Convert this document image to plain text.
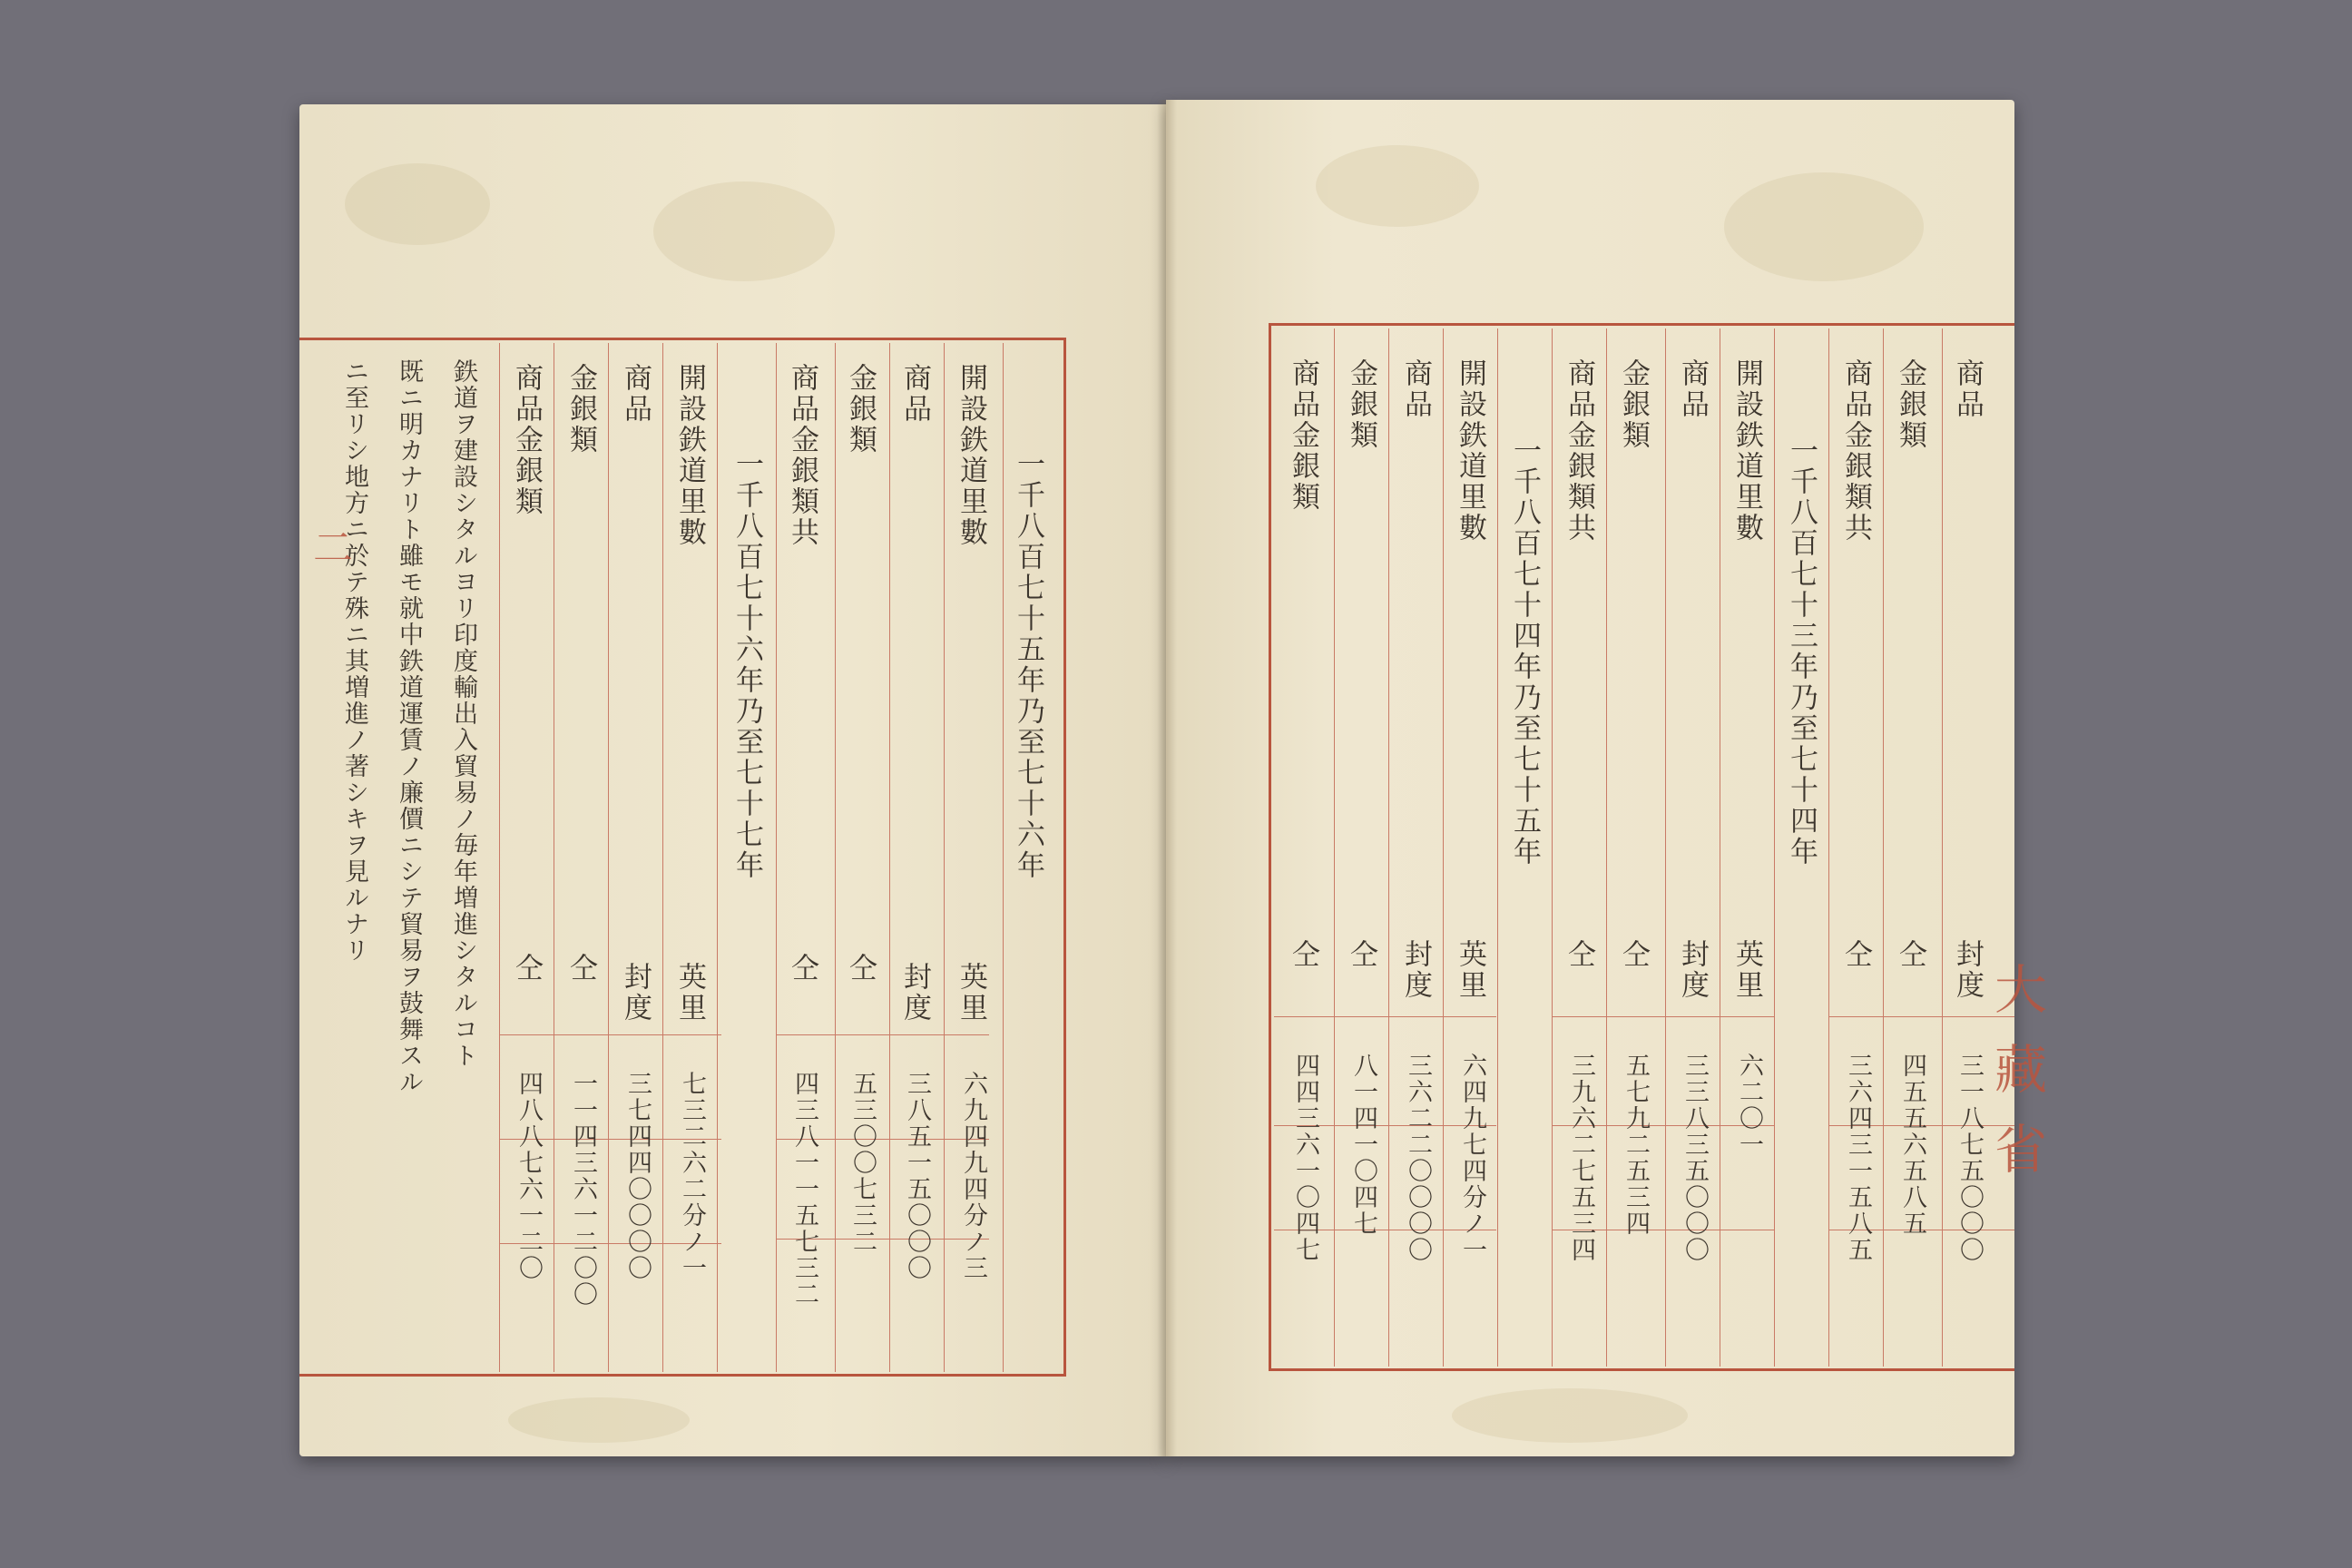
一千八百七十五年乃至七十六年
開設鉄道里數
商品
金銀類
商品金銀類共
一千八百七十六年乃至七十七年
開設鉄道里數
商品
金銀類
商品金銀類
英里
封度
仝
仝
英里
封度
仝
仝
六九四九四分ノ三
三八五一五〇〇〇
五三〇〇七三二
四三八一一五七三二
七三二六二分ノ一
三七四四〇〇〇〇
一一四三六一二〇〇
四八八七六一二〇
鉄道ヲ建設シタルヨリ印度輸出入貿易ノ毎年増進シタルコト
既ニ明カナリト雖モ就中鉄道運賃ノ廉價ニシテ貿易ヲ鼓舞スル
ニ至リシ地方ニ於テ殊ニ其増進ノ著シキヲ見ルナリ
二
商品
金銀類
商品金銀類共
一千八百七十三年乃至七十四年
開設鉄道里數
商品
金銀類
商品金銀類共
一千八百七十四年乃至七十五年
開設鉄道里數
商品
金銀類
商品金銀類
封度
仝
仝
英里
封度
仝
仝
英里
封度
仝
仝
三一八七五〇〇〇
四五五六五八五
三六四三一五八五
六二〇一
三三八三五〇〇〇
五七九二五三四
三九六二七五三四
六四九七四分ノ一
三六二二〇〇〇〇
八一四一〇四七
四四三六一〇四七	大藏省
